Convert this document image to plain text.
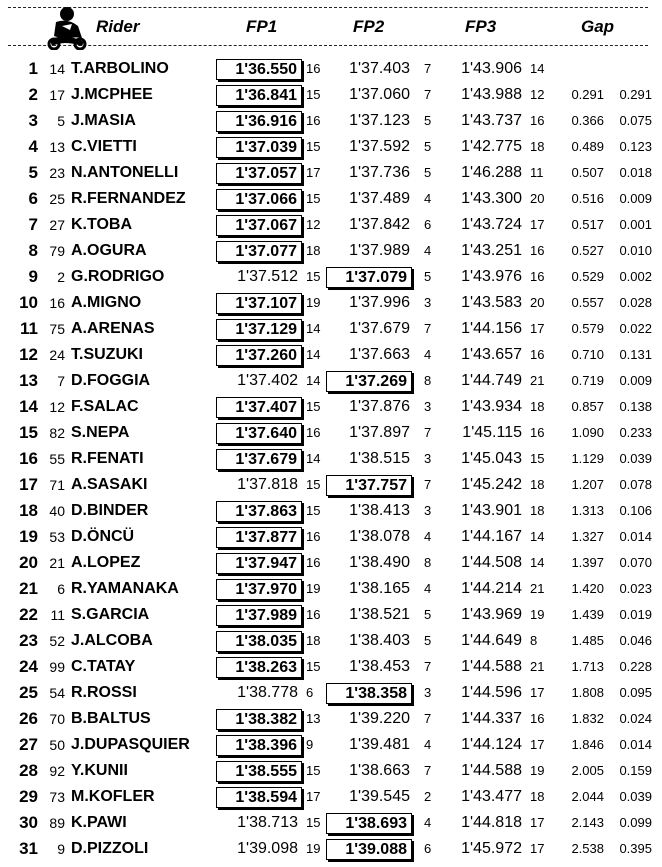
Rider	FP1	FP2	FP3	Gap
1 14 T.ARBOLINO	1'36.550 16	1'37.403 7	1'43.906 14
2 17 J.MCPHEE	1'36.841 15	1'37.060 7	1'43.988 12	0.291	0.291
3	5 J.MASIA	1'36.916 16	1'37.123 5	1'43.737 16	0.366	0.075
4 13 C.VIETTI	1'37.039 15	1'37.592 5	1'42.775 18	0.489	0.123
5 23 N.ANTONELLI	1'37.057 17	1'37.736 5	1'46.288 11	0.507	0.018
6 25 R.FERNANDEZ	1'37.066 15	1'37.489 4	1'43.300 20	0.516	0.009
7 27 K.TOBA	1'37.067 12	1'37.842 6	1'43.724 17	0.517	0.001
8 79 A.OGURA	1'37.077 18	1'37.989 4	1'43.251 16	0.527	0.010
9	2 G.RODRIGO	1'37.512 15	1'37.079	5	1'43.976 16	0.529	0.002
10 16 A.MIGNO	1'37.107 19	1'37.996 3	1'43.583 20	0.557	0.028
11 75 A.ARENAS	1'37.129 14	1'37.679 7	1'44.156 17	0.579	0.022
12 24 T.SUZUKI	1'37.260 14	1'37.663 4	1'43.657 16	0.710	0.131
13	7 D.FOGGIA	1'37.402 14	1'37.269	8	1'44.749 21	0.719	0.009
14 12 F.SALAC	1'37.407 15	1'37.876 3	1'43.934 18	0.857	0.138
15 82 S.NEPA	1'37.640 16	1'37.897 7	1'45.115 16	1.090	0.233
16 55 R.FENATI	1'37.679 14	1'38.515 3	1'45.043 15	1.129	0.039
17 71 A.SASAKI	1'37.818 15	1'37.757	7	1'45.242 18	1.207	0.078
18 40 D.BINDER	1'37.863 15	1'38.413 3	1'43.901 18	1.313	0.106
19 53 D.ÖNCÜ	1'37.877 16	1'38.078 4	1'44.167 14	1.327	0.014
20 21 A.LOPEZ	1'37.947 16	1'38.490 8	1'44.508 14	1.397	0.070
21	6 R.YAMANAKA	1'37.970 19	1'38.165 4	1'44.214 21	1.420	0.023
22 11 S.GARCIA	1'37.989 16	1'38.521 5	1'43.969 19	1.439	0.019
23 52 J.ALCOBA	1'38.035 18	1'38.403 5	1'44.649 8	1.485	0.046
24 99 C.TATAY	1'38.263 15	1'38.453 7	1'44.588 21	1.713	0.228
25 54 R.ROSSI	1'38.778 6	1'38.358	3	1'44.596 17	1.808	0.095
26 70 B.BALTUS	1'38.382 13	1'39.220 7	1'44.337 16	1.832	0.024
27 50 J.DUPASQUIER	1'38.396 9	1'39.481 4	1'44.124 17	1.846	0.014
28 92 Y.KUNII	1'38.555 15	1'38.663 7	1'44.588 19	2.005	0.159
29 73 M.KOFLER	1'38.594 17	1'39.545 2	1'43.477 18	2.044	0.039
30 89 K.PAWI	1'38.713 15	1'38.693	4	1'44.818 17	2.143	0.099
31	9 D.PIZZOLI	1'39.098 19	1'39.088	6	1'45.972 17	2.538	0.395
